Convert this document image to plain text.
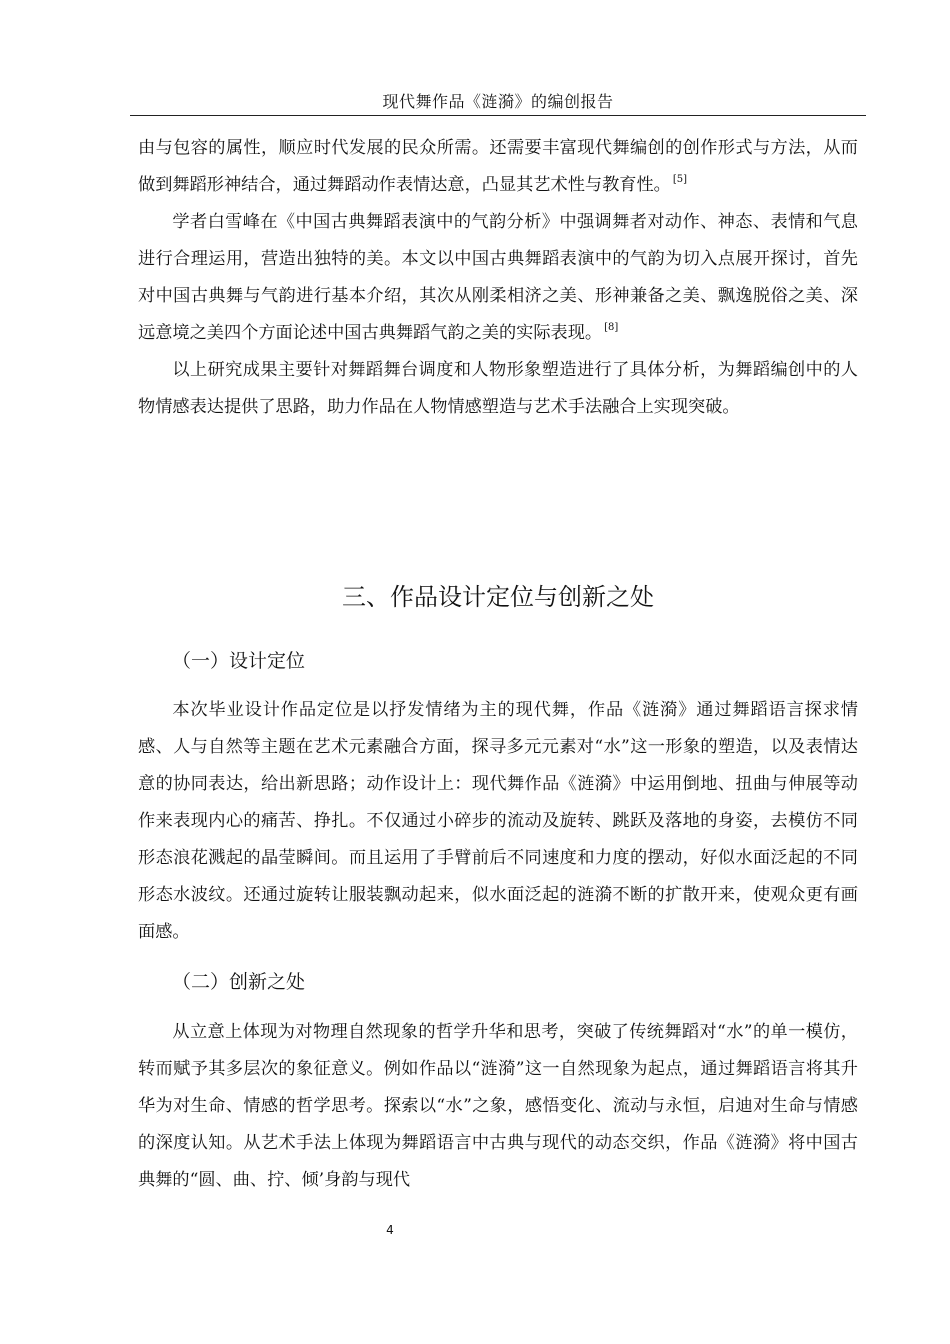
现代舞作品《涟漪》的编创报告

由与包容的属性，顺应时代发展的民众所需。还需要丰富现代舞编创的创作形式与方法，从而做到舞蹈形神结合，通过舞蹈动作表情达意，凸显其艺术性与教育性。 [5]

学者白雪峰在《中国古典舞蹈表演中的气韵分析》中强调舞者对动作、神态、表情和气息进行合理运用，营造出独特的美。本文以中国古典舞蹈表演中的气韵为切入点展开探讨，首先对中国古典舞与气韵进行基本介绍，其次从刚柔相济之美、形神兼备之美、飘逸脱俗之美、深远意境之美四个方面论述中国古典舞蹈气韵之美的实际表现。 [8]

以上研究成果主要针对舞蹈舞台调度和人物形象塑造进行了具体分析，为舞蹈编创中的人物情感表达提供了思路，助力作品在人物情感塑造与艺术手法融合上实现突破。

三、作品设计定位与创新之处
（一）设计定位

本次毕业设计作品定位是以抒发情绪为主的现代舞，作品《涟漪》通过舞蹈语言探求情感、人与自然等主题在艺术元素融合方面，探寻多元元素对“水”这一形象的塑造，以及表情达意的协同表达，给出新思路；动作设计上：现代舞作品《涟漪》中运用倒地、扭曲与伸展等动作来表现内心的痛苦、挣扎。不仅通过小碎步的流动及旋转、跳跃及落地的身姿，去模仿不同形态浪花溅起的晶莹瞬间。而且运用了手臂前后不同速度和力度的摆动，好似水面泛起的不同形态水波纹。还通过旋转让服装飘动起来，似水面泛起的涟漪不断的扩散开来，使观众更有画面感。

（二）创新之处

从立意上体现为对物理自然现象的哲学升华和思考，突破了传统舞蹈对“水”的单一模仿，转而赋予其多层次的象征意义。例如作品以“涟漪”这一自然现象为起点，通过舞蹈语言将其升华为对生命、情感的哲学思考。探索以“水”之象，感悟变化、流动与永恒，启迪对生命与情感的深度认知。从艺术手法上体现为舞蹈语言中古典与现代的动态交织，作品《涟漪》将中国古典舞的“圆、曲、拧、倾’身韵与现代

4
